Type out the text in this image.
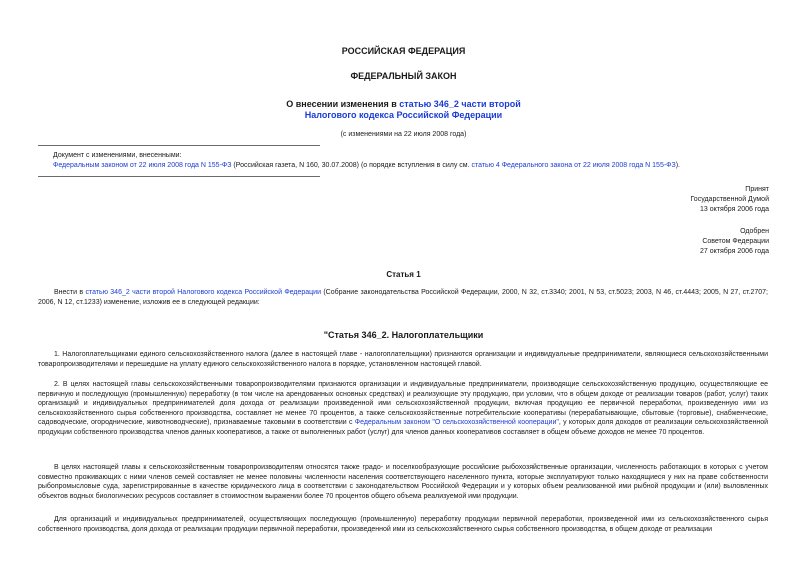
РОССИЙСКАЯ ФЕДЕРАЦИЯ
ФЕДЕРАЛЬНЫЙ ЗАКОН
О внесении изменения в статью 346_2 части второй
Налогового кодекса Российской Федерации
(с изменениями на 22 июля 2008 года)
Документ с изменениями, внесенными:
Федеральным законом от 22 июля 2008 года N 155-ФЗ (Российская газета, N 160, 30.07.2008) (о порядке вступления в силу см. статью 4 Федерального закона от 22 июля 2008 года N 155-ФЗ).
Принят
Государственной Думой
13 октября 2006 года
Одобрен
Советом Федерации
27 октября 2006 года
Статья 1
Внести в статью 346_2 части второй Налогового кодекса Российской Федерации (Собрание законодательства Российской Федерации, 2000, N 32, ст.3340; 2001, N 53, ст.5023; 2003, N 46, ст.4443; 2005, N 27, ст.2707; 2006, N 12, ст.1233) изменение, изложив ее в следующей редакции:
"Статья 346_2. Налогоплательщики
1. Налогоплательщиками единого сельскохозяйственного налога (далее в настоящей главе - налогоплательщики) признаются организации и индивидуальные предприниматели, являющиеся сельскохозяйственными товаропроизводителями и перешедшие на уплату единого сельскохозяйственного налога в порядке, установленном настоящей главой.
2. В целях настоящей главы сельскохозяйственными товаропроизводителями признаются организации и индивидуальные предприниматели, производящие сельскохозяйственную продукцию, осуществляющие ее первичную и последующую (промышленную) переработку (в том числе на арендованных основных средствах) и реализующие эту продукцию, при условии, что в общем доходе от реализации товаров (работ, услуг) таких организаций и индивидуальных предпринимателей доля дохода от реализации произведенной ими сельскохозяйственной продукции, включая продукцию ее первичной переработки, произведенную ими из сельскохозяйственного сырья собственного производства, составляет не менее 70 процентов, а также сельскохозяйственные потребительские кооперативы (перерабатывающие, сбытовые (торговые), снабженческие, садоводческие, огороднические, животноводческие), признаваемые таковыми в соответствии с Федеральным законом "О сельскохозяйственной кооперации", у которых доля доходов от реализации сельскохозяйственной продукции собственного производства членов данных кооперативов, а также от выполненных работ (услуг) для членов данных кооперативов составляет в общем объеме доходов не менее 70 процентов.
В целях настоящей главы к сельскохозяйственным товаропроизводителям относятся также градо- и поселкообразующие российские рыбохозяйственные организации, численность работающих в которых с учетом совместно проживающих с ними членов семей составляет не менее половины численности населения соответствующего населенного пункта, которые эксплуатируют только находящиеся у них на праве собственности рыбопромысловые суда, зарегистрированные в качестве юридического лица в соответствии с законодательством Российской Федерации и у которых объем реализованной ими рыбной продукции и (или) выловленных объектов водных биологических ресурсов составляет в стоимостном выражении более 70 процентов общего объема реализуемой ими продукции.
Для организаций и индивидуальных предпринимателей, осуществляющих последующую (промышленную) переработку продукции первичной переработки, произведенной ими из сельскохозяйственного сырья собственного производства, доля дохода от реализации продукции первичной переработки, произведенной ими из сельскохозяйственного сырья собственного производства, в общем доходе от реализации
